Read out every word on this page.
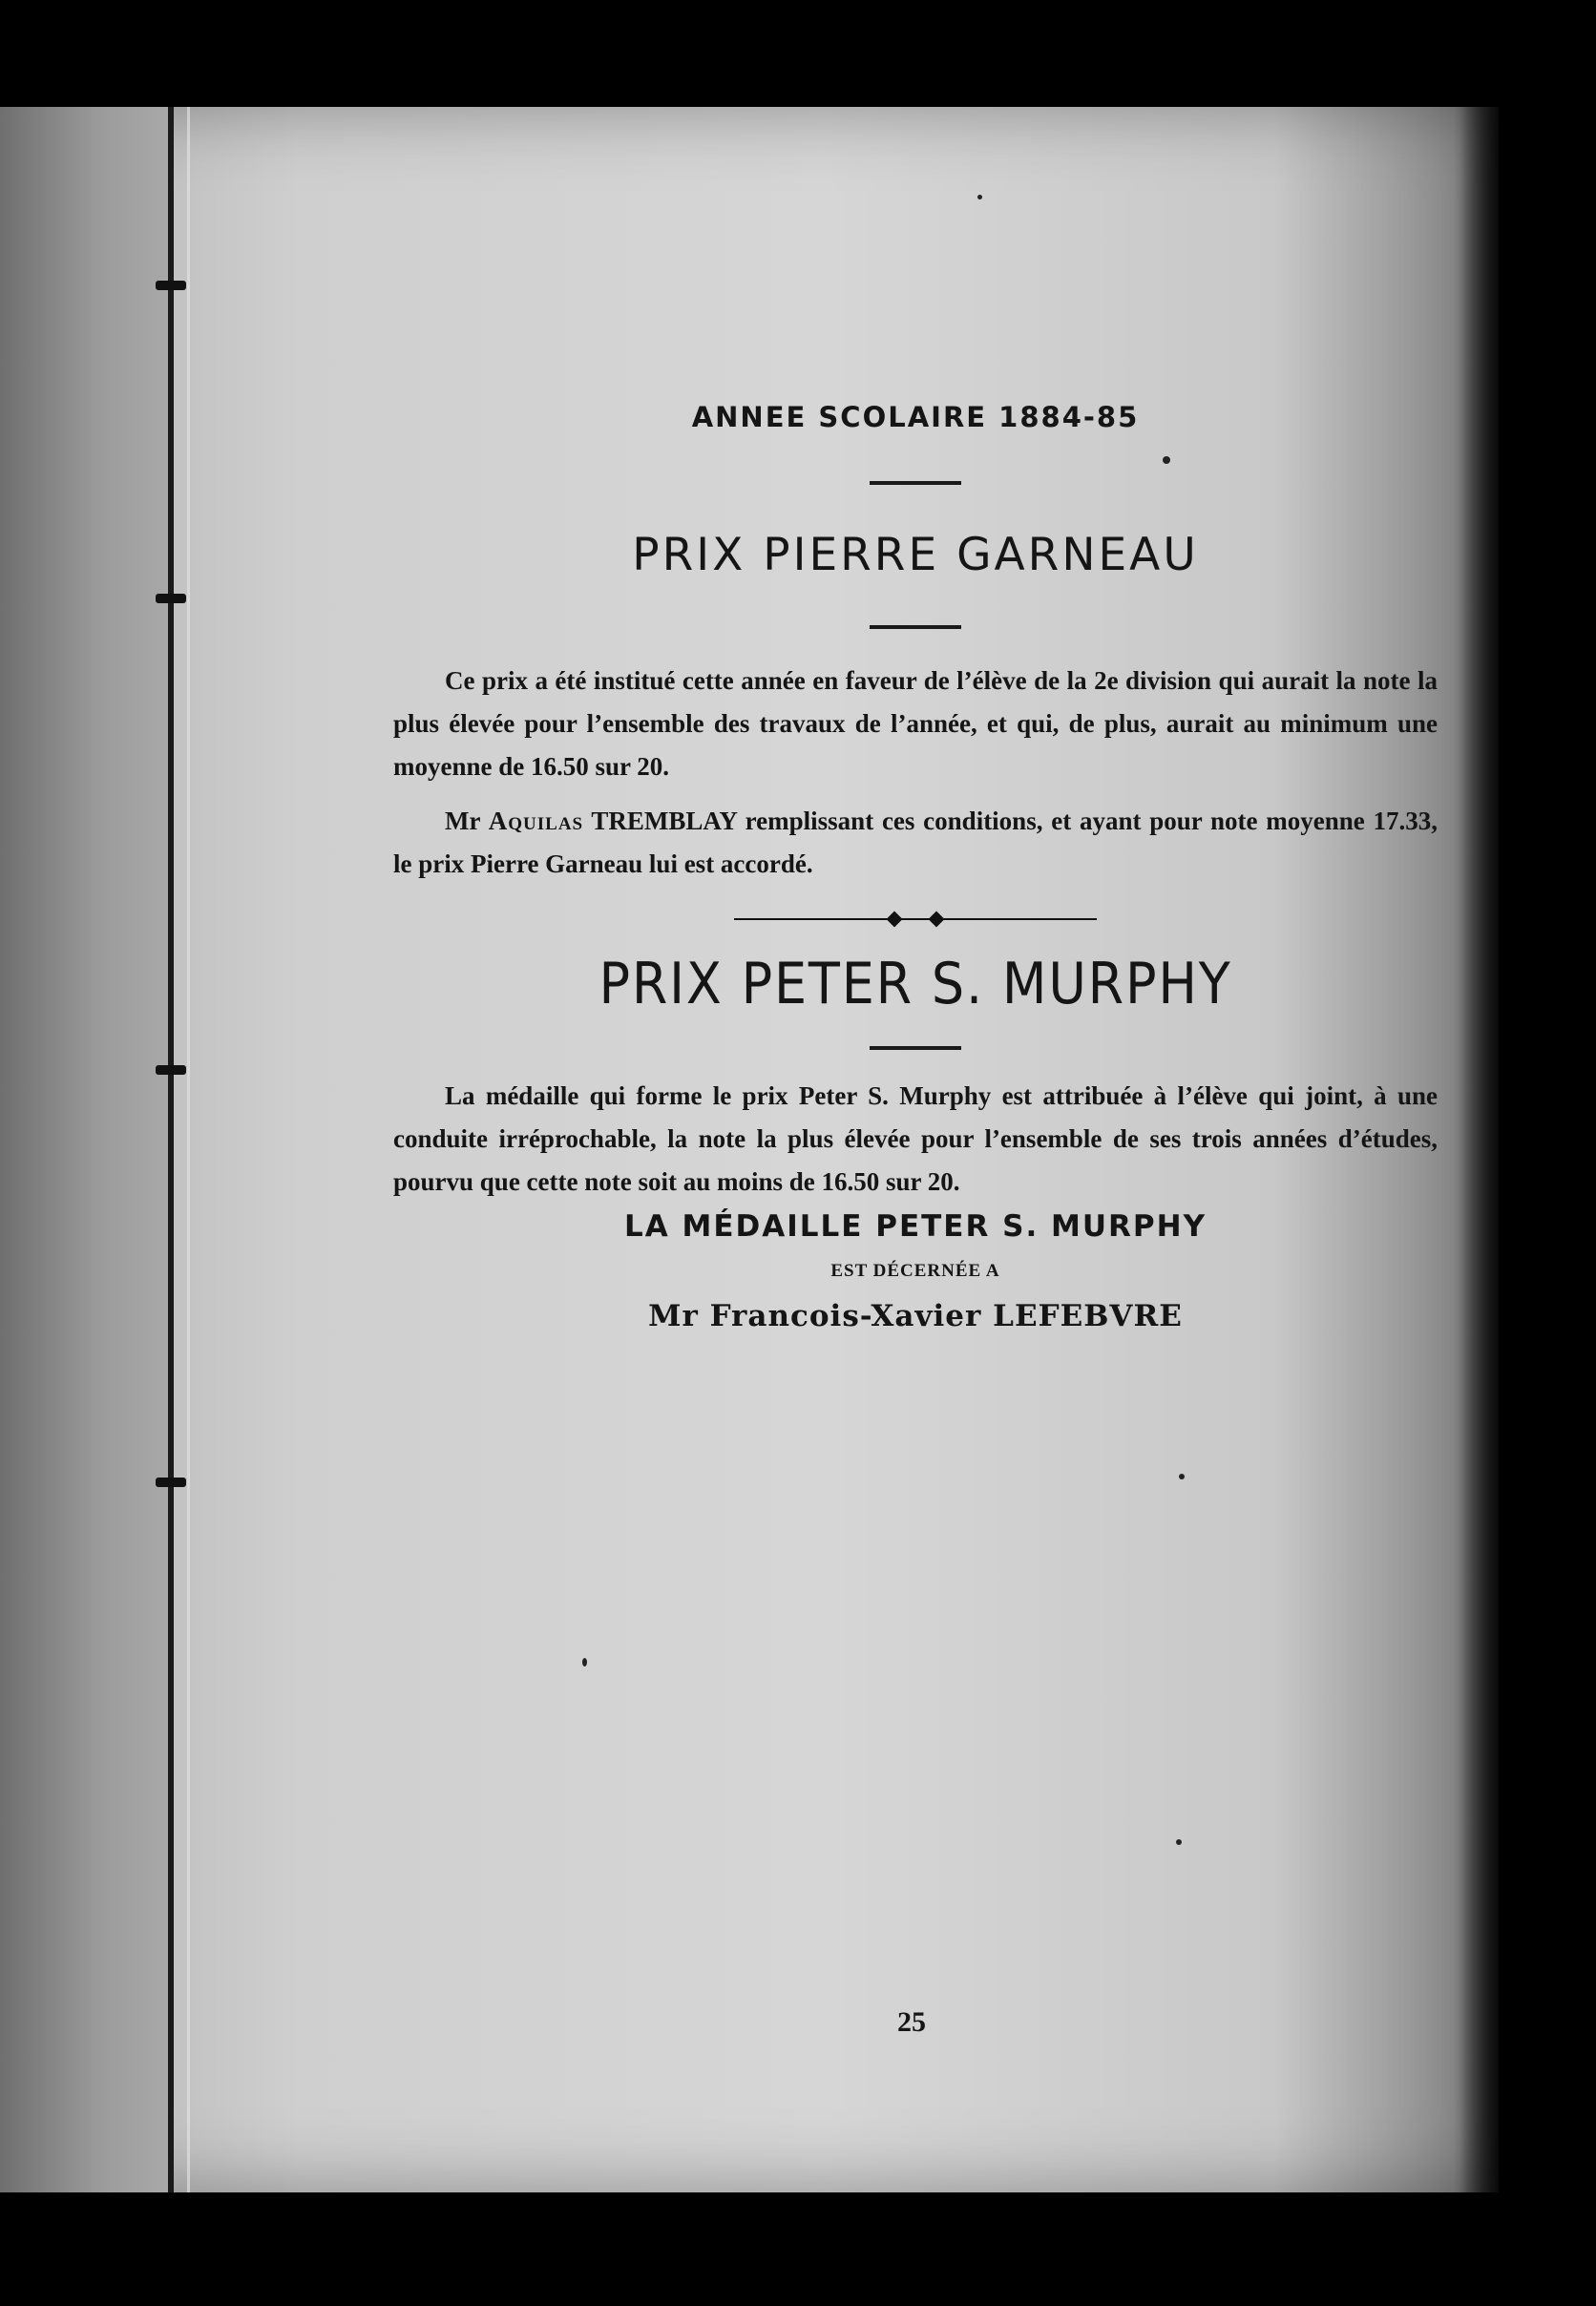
ANNEE SCOLAIRE 1884-85

PRIX PIERRE GARNEAU

Ce prix a été institué cette année en faveur de l’élève de la 2e division qui aurait la note la plus élevée pour l’ensemble des travaux de l’année, et qui, de plus, aurait au minimum une moyenne de 16.50 sur 20.

Mr Aquilas TREMBLAY remplissant ces conditions, et ayant pour note moyenne 17.33, le prix Pierre Garneau lui est accordé.

PRIX PETER S. MURPHY

La médaille qui forme le prix Peter S. Murphy est attribuée à l’élève qui joint, à une conduite irréprochable, la note la plus élevée pour l’ensemble de ses trois années d’études, pourvu que cette note soit au moins de 16.50 sur 20.

LA MÉDAILLE PETER S. MURPHY

EST DÉCERNÉE A

Mr Francois-Xavier LEFEBVRE

25
